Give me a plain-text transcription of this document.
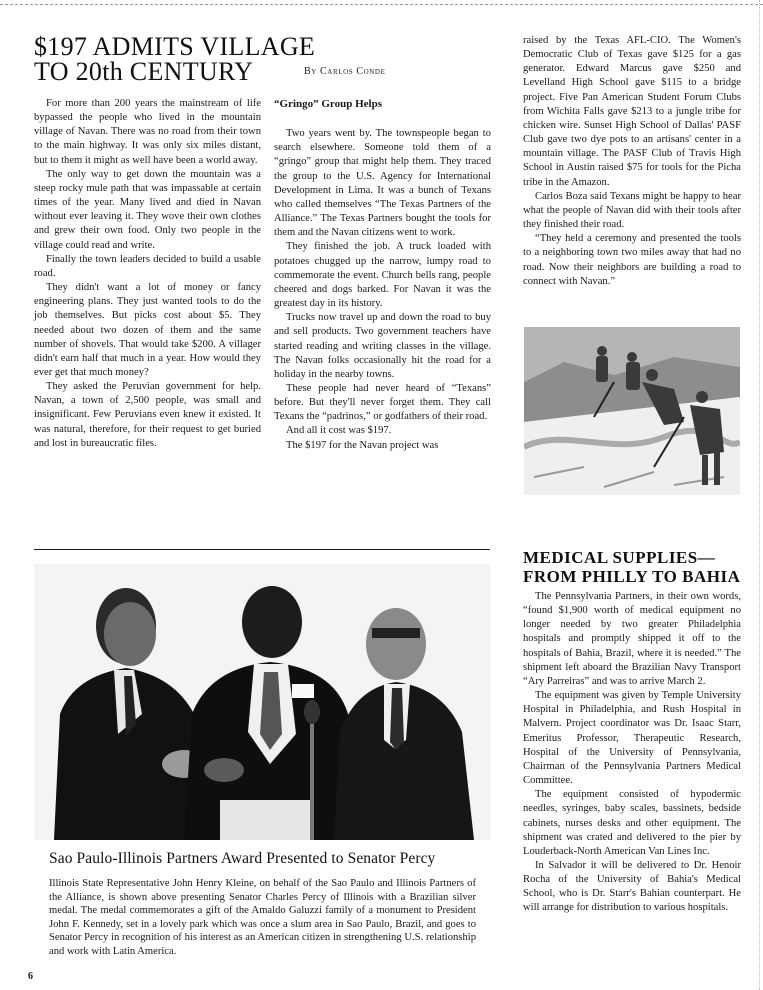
$197 ADMITS VILLAGE
TO 20th CENTURY	By Carlos Conde

For more than 200 years the mainstream of life bypassed the people who lived in the mountain village of Navan. There was no road from their town to the main highway. It was only six miles distant, but to them it might as well have been a world away.

The only way to get down the mountain was a steep rocky mule path that was impassable at certain times of the year. Many lived and died in Navan without ever leaving it. They wove their own clothes and grew their own food. Only two people in the village could read and write.

Finally the town leaders decided to build a usable road.

They didn't want a lot of money or fancy engineering plans. They just wanted tools to do the job themselves. But picks cost about $5. They needed about two dozen of them and the same number of shovels. That would take $200. A villager didn't earn half that much in a year. How would they ever get that much money?

They asked the Peruvian government for help. Navan, a town of 2,500 people, was small and insignificant. Few Peruvians even knew it existed. It was natural, therefore, for their request to get buried and lost in bureaucratic files.

“Gringo” Group Helps

Two years went by. The townspeople began to search elsewhere. Someone told them of a “gringo” group that might help them. They traced the group to the U.S. Agency for International Development in Lima. It was a bunch of Texans who called themselves “The Texas Partners of the Alliance.” The Texas Partners bought the tools for them and the Navan citizens went to work.

They finished the job. A truck loaded with potatoes chugged up the narrow, lumpy road to commemorate the event. Church bells rang, people cheered and dogs barked. For Navan it was the greatest day in its history.

Trucks now travel up and down the road to buy and sell products. Two government teachers have started reading and writing classes in the village. The Navan folks occasionally hit the road for a holiday in the nearby towns.

These people had never heard of “Texans” before. But they'll never forget them. They call Texans the “padrinos,” or godfathers of their road.

And all it cost was $197.

The $197 for the Navan project was

raised by the Texas AFL-CIO. The Women's Democratic Club of Texas gave $125 for a gas generator. Edward Marcus gave $250 and Levelland High School gave $115 to a bridge project. Five Pan American Student Forum Clubs from Wichita Falls gave $213 to a jungle tribe for chicken wire. Sunset High School of Dallas' PASF Club gave two dye pots to an artisans' center in a mountain village. The PASF Club of Travis High School in Austin raised $75 for tools for the Picha tribe in the Amazon.

Carlos Boza said Texans might be happy to hear what the people of Navan did with their tools after they finished their road.

“They held a ceremony and presented the tools to a neighboring town two miles away that had no road. Now their neighbors are building a road to connect with Navan.”

Sao Paulo-Illinois Partners Award Presented to Senator Percy

Illinois State Representative John Henry Kleine, on behalf of the Sao Paulo and Illinois Partners of the Alliance, is shown above presenting Senator Charles Percy of Illinois with a Brazilian silver medal. The medal commemorates a gift of the Amaldo Galuzzi family of a monument to President John F. Kennedy, set in a lovely park which was once a slum area in Sao Paulo, Brazil, and goes to Senator Percy in recognition of his interest as an American citizen in strengthening U.S. relationship and work with Latin America.

MEDICAL SUPPLIES—
FROM PHILLY TO BAHIA

The Pennsylvania Partners, in their own words, “found $1,900 worth of medical equipment no longer needed by two greater Philadelphia hospitals and promptly shipped it off to the hospitals of Bahia, Brazil, where it is needed.” The shipment left aboard the Brazilian Navy Transport “Ary Parreiras” and was to arrive March 2.

The equipment was given by Temple University Hospital in Philadelphia, and Rush Hospital in Malvern. Project coordinator was Dr. Isaac Starr, Emeritus Professor, Therapeutic Research, Hospital of the University of Pennsylvania, Chairman of the Pennsylvania Partners Medical Committee.

The equipment consisted of hypodermic needles, syringes, baby scales, bassinets, bedside cabinets, nurses desks and other equipment. The shipment was crated and delivered to the pier by Louderback-North American Van Lines Inc.

In Salvador it will be delivered to Dr. Henoir Rocha of the University of Bahia's Medical School, who is Dr. Starr's Bahian counterpart. He will arrange for distribution to various hospitals.

6
